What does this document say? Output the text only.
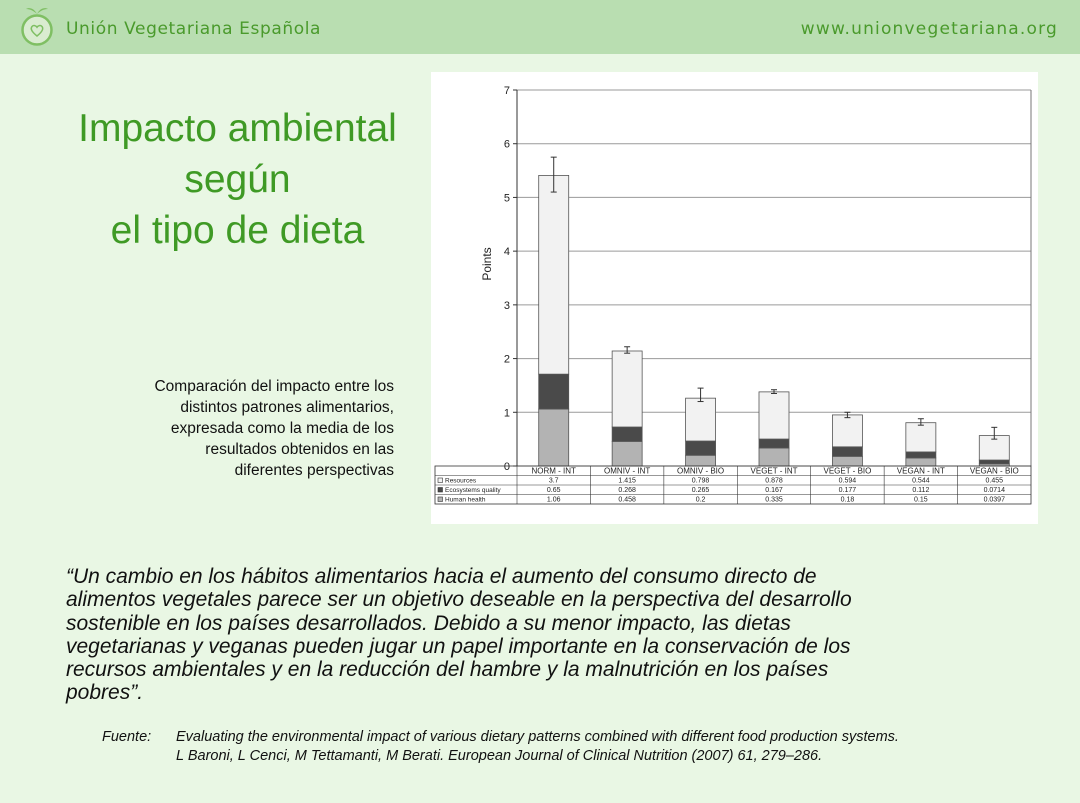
Unión Vegetariana Española	www.unionvegetariana.org
Impacto ambiental
según
el tipo de dieta
Comparación del impacto entre los
distintos patrones alimentarios,
expresada como la media de los
resultados obtenidos en las
diferentes perspectivas	0
1
2
3
4
5
6
7
Points
NORM - INT	OMNIV - INT	OMNIV - BIO	VEGET - INT	VEGET - BIO	VEGAN - INT	VEGAN - BIO
Resources	3.7	1.415	0.798	0.878	0.594	0.544	0.455
Ecosystems quality	0.65	0.268	0.265	0.167	0.177	0.112	0.0714
Human health	1.06	0.458	0.2	0.335	0.18	0.15	0.0397
“Un cambio en los hábitos alimentarios hacia el aumento del consumo directo de
alimentos vegetales parece ser un objetivo deseable en la perspectiva del desarrollo
sostenible en los países desarrollados. Debido a su menor impacto, las dietas
vegetarianas y veganas pueden jugar un papel importante en la conservación de los
recursos ambientales y en la reducción del hambre y la malnutrición en los países
pobres”.
Fuente: Evaluating the environmental impact of various dietary patterns combined with different food production systems.
L Baroni, L Cenci, M Tettamanti, M Berati. European Journal of Clinical Nutrition (2007) 61, 279–286.
